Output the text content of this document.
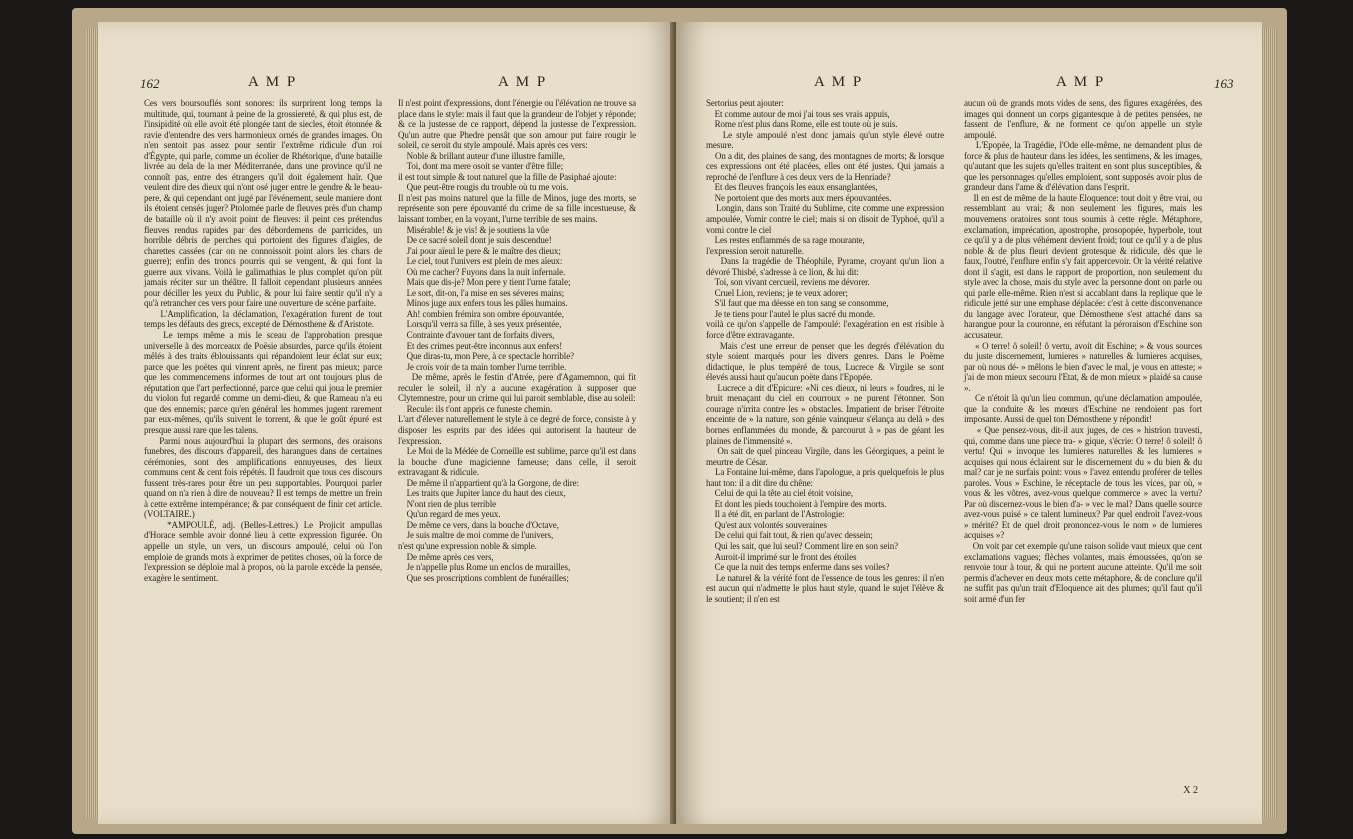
162	A M P	A M P
Ces vers boursouflés sont sonores: ils surprirent long temps la multitude, qui, tournant à peine de la grossiereté, & qui plus est, de l'insipidité où elle avoit été plongée tant de siecles, étoit étonnée & ravie d'entendre des vers harmonieux ornés de grandes images. On n'en sentoit pas assez pour sentir l'extrême ridicule d'un roi d'Égypte, qui parle, comme un écolier de Rhétorique, d'une bataille livrée au dela de la mer Méditerranée, dans une province qu'il ne connoît pas, entre des étrangers qu'il doit également haïr. Que veulent dire des dieux qui n'ont osé juger entre le gendre & le beau-pere, & qui cependant ont jugé par l'événement, seule maniere dont ils étoient censés juger? Ptolomée parle de fleuves près d'un champ de bataille où il n'y avoit point de fleuves: il peint ces prétendus fleuves rendus rapides par des débordemens de parricides, un horrible débris de perches qui portoient des figures d'aigles, de charettes cassées (car on ne connoissoit point alors les chars de guerre); enfin des troncs pourris qui se vengent, & qui font la guerre aux vivans. Voilà le galimathias le plus complet qu'on pût jamais réciter sur un théâtre. Il falloit cependant plusieurs années pour déciller les yeux du Public, & pour lui faire sentir qu'il n'y a qu'à retrancher ces vers pour faire une ouverture de scène parfaite.
L'Amplification, la déclamation, l'exagération furent de tout temps les défauts des grecs, excepté de Démosthene & d'Aristote.
Le temps même a mis le sceau de l'approbation presque universelle à des morceaux de Poësie absurdes, parce qu'ils étoient mêlés à des traits éblouissants qui répandoient leur éclat sur eux; parce que les poëtes qui vinrent après, ne firent pas mieux; parce que les commencemens informes de tout art ont toujours plus de réputation que l'art perfectionné, parce que celui qui joua le premier du violon fut regardé comme un demi-dieu, & que Rameau n'a eu que des ennemis; parce qu'en général les hommes jugent rarement par eux-mêmes, qu'ils suivent le torrent, & que le goût épuré est presque aussi rare que les talens.
Parmi nous aujourd'hui la plupart des sermons, des oraisons funebres, des discours d'appareil, des harangues dans de certaines cérémonies, sont des amplifications ennuyeuses, des lieux communs cent & cent fois répétés. Il faudroit que tous ces discours fussent très-rares pour être un peu supportables. Pourquoi parler quand on n'a rien à dire de nouveau? Il est temps de mettre un frein à cette extrême intempérance; & par conséquent de finir cet article. (VOLTAIRE.)
*AMPOULÉ, adj. (Belles-Lettres.) Le Projicit ampullas d'Horace semble avoir donné lieu à cette expression figurée. On appelle un style, un vers, un discours ampoulé, celui où l'on emploie de grands mots à exprimer de petites choses, où la force de l'expression se déploie mal à propos, où la parole excède la pensée, exagère le sentiment.
Il n'est point d'expressions, dont l'énergie ou l'élévation ne trouve sa place dans le style: mais il faut que la grandeur de l'objet y réponde; & ce la justesse de ce rapport, dépend la justesse de l'expression. Qu'un autre que Phedre pensât que son amour put faire rougir le soleil, ce seroit du style ampoulé. Mais après ces vers:
Noble & brillant auteur d'une illustre famille,
Toi, dont ma mere osoit se vanter d'être fille;
il est tout simple & tout naturel que la fille de Pasiphaé ajoute:
Que peut-être rougis du trouble où tu me vois.
Il n'est pas moins naturel que la fille de Minos, juge des morts, se représente son pere épouvanté du crime de sa fille incestueuse, & laissant tomber, en la voyant, l'urne terrible de ses mains.
Misérable! & je vis! & je soutiens la vûe
De ce sacré soleil dont je suis descendue!
J'ai pour aïeul le pere & le maître des dieux;
Le ciel, tout l'univers est plein de mes aïeux:
Où me cacher? Fuyons dans la nuit infernale.
Mais que dis-je? Mon pere y tient l'urne fatale;
Le sort, dit-on, l'a mise en ses séveres mains;
Minos juge aux enfers tous les pâles humains.
Ah! combien frémira son ombre épouvantée,
Lorsqu'il verra sa fille, à ses yeux présentée,
Contrainte d'avouer tant de forfaits divers,
Et des crimes peut-être inconnus aux enfers!
Que diras-tu, mon Pere, à ce spectacle horrible?
Je crois voir de ta main tomber l'urne terrible.
De même, après le festin d'Atrée, pere d'Agamemnon, qui fit reculer le soleil, il n'y a aucune exagération à supposer que Clytemnestre, pour un crime qui lui paroit semblable, dise au soleil:
Recule: ils t'ont appris ce funeste chemin.
L'art d'élever naturellement le style à ce degré de force, consiste à y disposer les esprits par des idées qui autorisent la hauteur de l'expression.
Le Moi de la Médée de Corneille est sublime, parce qu'il est dans la bouche d'une magicienne fameuse; dans celle, il seroit extravagant & ridicule.
De même il n'appartient qu'à la Gorgone, de dire:
Les traits que Jupiter lance du haut des cieux,
N'ont rien de plus terrible
Qu'un regard de mes yeux.
De même ce vers, dans la bouche d'Octave,
Je suis maître de moi comme de l'univers,
n'est qu'une expression noble & simple.
De même après ces vers,
Je n'appelle plus Rome un enclos de murailles,
Que ses proscriptions comblent de funérailles;
A M P	A M P	163
Sertorius peut ajouter:
Et comme autour de moi j'ai tous ses vrais appuis,
Rome n'est plus dans Rome, elle est toute où je suis.
Le style ampoulé n'est donc jamais qu'un style élevé outre mesure.
On a dit, des plaines de sang, des montagnes de morts; & lorsque ces expressions ont été placées, elles ont été justes. Qui jamais a reproché de l'enflure à ces deux vers de la Henriade?
Et des fleuves françois les eaux ensanglantées,
Ne portoient que des morts aux mers épouvantées.
Longin, dans son Traité du Sublime, cite comme une expression ampoulée, Vomir contre le ciel; mais si on disoit de Typhoé, qu'il a vomi contre le ciel
Les restes enflammés de sa rage mourante,
l'expression seroit naturelle.
Dans la tragédie de Théophile, Pyrame, croyant qu'un lion a dévoré Thisbé, s'adresse à ce lion, & lui dit:
Toi, son vivant cercueil, reviens me dévorer.
Cruel Lion, reviens; je te veux adorer;
S'il faut que ma déesse en ton sang se consomme,
Je te tiens pour l'autel le plus sacré du monde.
voilà ce qu'on s'appelle de l'ampoulé: l'exagération en est risible à force d'être extravagante.
Mais c'est une erreur de penser que les degrés d'élévation du style soient marqués pour les divers genres. Dans le Poëme didactique, le plus tempéré de tous, Lucrece & Virgile se sont élevés aussi haut qu'aucun poëte dans l'Epopée.
Lucrece a dit d'Epicure: «Ni ces dieux, ni leurs » foudres, ni le bruit menaçant du ciel en courroux » ne purent l'étonner. Son courage n'irrita contre les » obstacles. Impatient de briser l'étroite enceinte de » la nature, son génie vainqueur s'élança au delà » des bornes enflammées du monde, & parcourut à » pas de géant les plaines de l'immensité ».
On sait de quel pinceau Virgile, dans les Géorgiques, a peint le meurtre de César.
La Fontaine lui-même, dans l'apologue, a pris quelquefois le plus haut ton: il a dit dire du chêne:
Celui de qui la tête au ciel étoit voisine,
Et dont les pieds touchoient à l'empire des morts.
Il a été dit, en parlant de l'Astrologie:
Qu'est aux volontés souveraines
De celui qui fait tout, & rien qu'avec dessein;
Qui les sait, que lui seul? Comment lire en son sein?
Auroit-il imprimé sur le front des étoiles
Ce que la nuit des temps enferme dans ses voiles?
Le naturel & la vérité font de l'essence de tous les genres: il n'en est aucun qui n'admette le plus haut style, quand le sujet l'élève & le soutient; il n'en est
aucun où de grands mots vides de sens, des figures exagérées, des images qui donnent un corps gigantesque à de petites pensées, ne fassent de l'enflure, & ne forment ce qu'on appelle un style ampoulé.
L'Epopée, la Tragédie, l'Ode elle-même, ne demandent plus de force & plus de hauteur dans les idées, les sentimens, & les images, qu'autant que les sujets qu'elles traitent en sont plus susceptibles, & que les personnages qu'elles emploient, sont supposés avoir plus de grandeur dans l'ame & d'élévation dans l'esprit.
Il en est de même de la haute Eloquence: tout doit y être vrai, ou ressemblant au vrai; & non seulement les figures, mais les mouvemens oratoires sont tous soumis à cette règle. Métaphore, exclamation, imprécation, apostrophe, prosopopée, hyperbole, tout ce qu'il y a de plus véhément devient froid; tout ce qu'il y a de plus noble & de plus fleuri devient grotesque & ridicule, dès que le faux, l'outré, l'enflure enfin s'y fait appercevoir. Or la vérité relative dont il s'agit, est dans le rapport de proportion, non seulement du style avec la chose, mais du style avec la personne dont on parle ou qui parle elle-même. Rien n'est si accablant dans la replique que le ridicule jetté sur une emphase déplacée: c'est à cette disconvenance du langage avec l'orateur, que Démosthene s'est attaché dans sa harangue pour la couronne, en réfutant la péroraison d'Eschine son accusateur.
« O terre! ô soleil! ô vertu, avoit dit Eschine; » & vous sources du juste discernement, lumieres » naturelles & lumieres acquises, par où nous dé- » mêlons le bien d'avec le mal, je vous en atteste; » j'ai de mon mieux secouru l'Etat, & de mon mieux » plaidé sa cause ».
Ce n'étoit là qu'un lieu commun, qu'une déclamation ampoulée, que la conduite & les mœurs d'Eschine ne rendoient pas fort imposante. Aussi de quel ton Démosthene y répondit!
« Que pensez-vous, dit-il aux juges, de ces » histrion travesti, qui, comme dans une piece tra- » gique, s'écrie: O terre! ô soleil! ô vertu! Qui » invoque les lumieres naturelles & les lumieres » acquises qui nous éclairent sur le discernement du » du bien & du mal? car je ne surfais point: vous » l'avez entendu proférer de telles paroles. Vous » Eschine, le réceptacle de tous les vices, par où, » vous & les vôtres, avez-vous quelque commerce » avec la vertu? Par où discernez-vous le bien d'a- » vec le mal? Dans quelle source avez-vous puisé » ce talent lumineux? Par quel endroit l'avez-vous » mérité? Et de quel droit prononcez-vous le nom » de lumieres acquises »?
On voit par cet exemple qu'une raison solide vaut mieux que cent exclamations vagues; flèches volantes, mais émoussées, qu'on se renvoie tour à tour, & qui ne portent aucune atteinte. Qu'il me soit permis d'achever en deux mots cette métaphore, & de conclure qu'il ne suffit pas qu'un trait d'Eloquence ait des plumes; qu'il faut qu'il soit armé d'un fer
X 2
